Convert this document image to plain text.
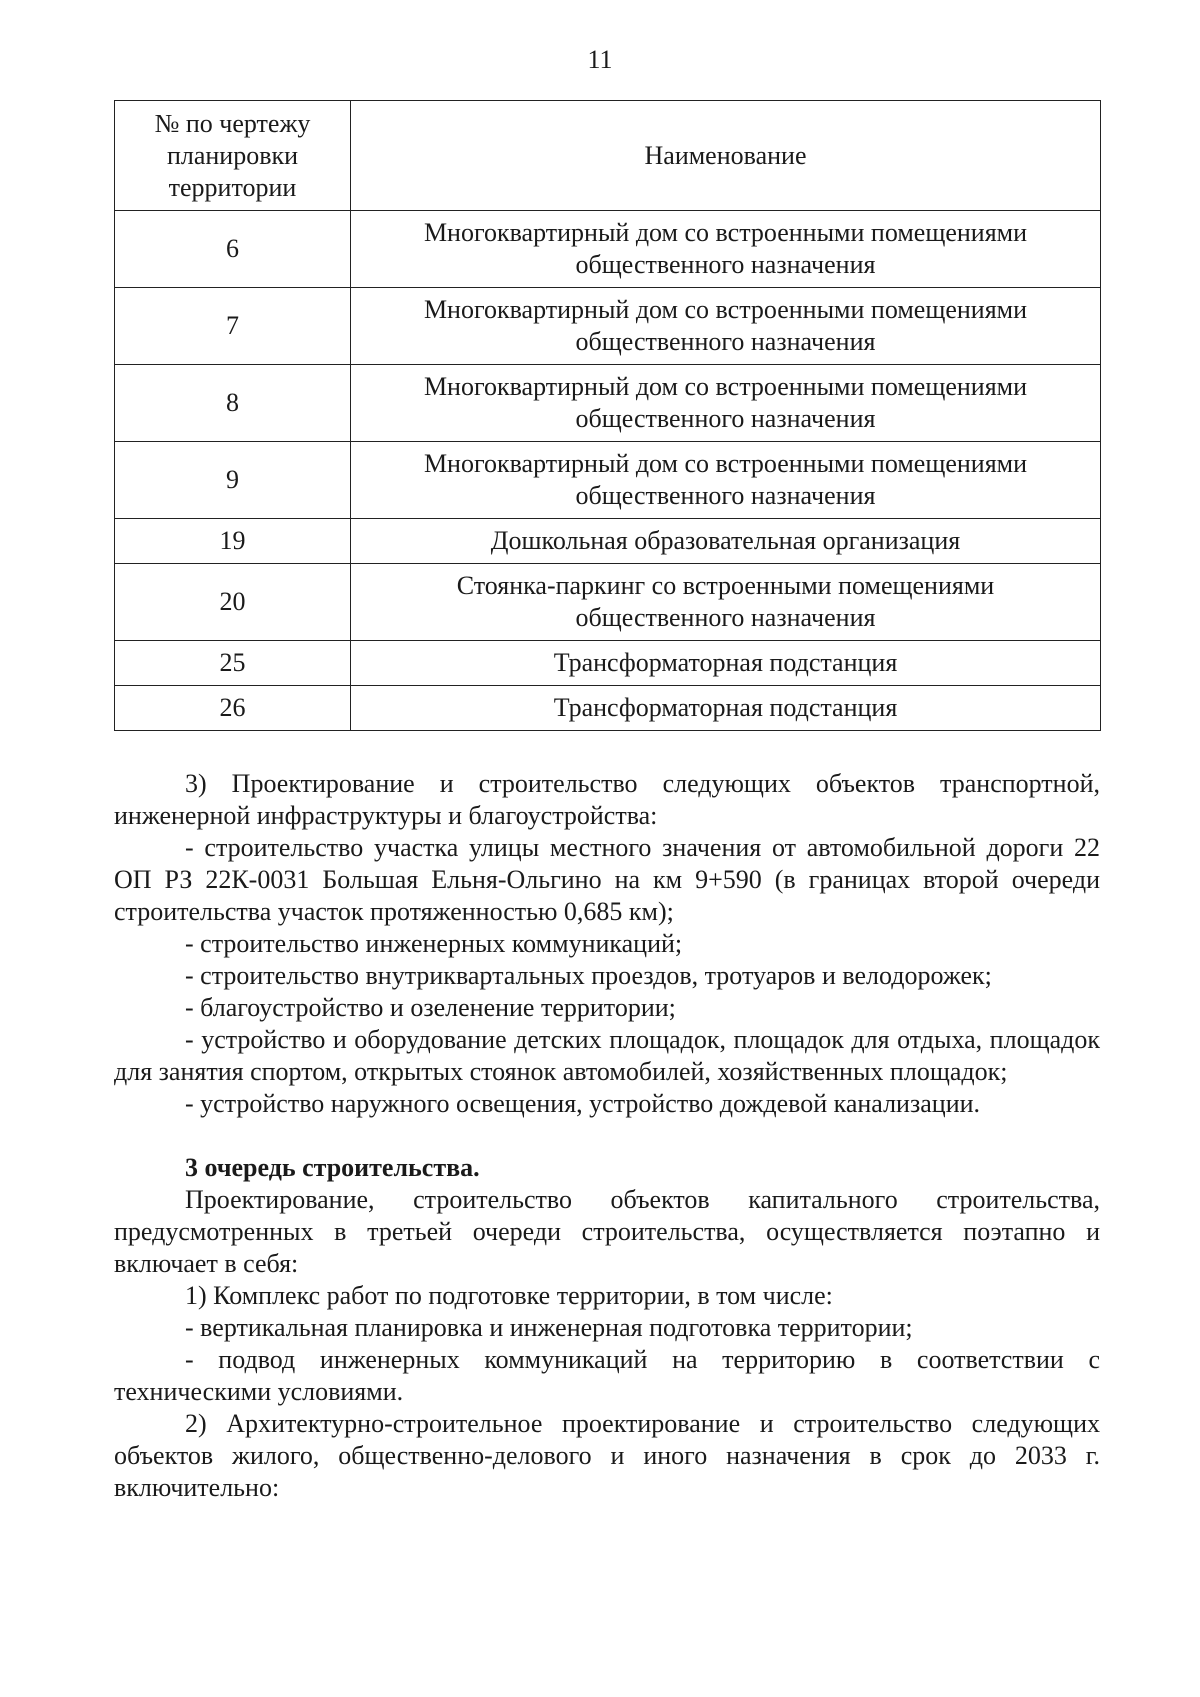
11
№ по чертежу планировки территории	Наименование
6	Многоквартирный дом со встроенными помещениями общественного назначения
7	Многоквартирный дом со встроенными помещениями общественного назначения
8	Многоквартирный дом со встроенными помещениями общественного назначения
9	Многоквартирный дом со встроенными помещениями общественного назначения
19	Дошкольная образовательная организация
20	Стоянка-паркинг со встроенными помещениями общественного назначения
25	Трансформаторная подстанция
26	Трансформаторная подстанция

3) Проектирование и строительство следующих объектов транспортной, инженерной инфраструктуры и благоустройства:

- строительство участка улицы местного значения от автомобильной дороги 22 ОП РЗ 22К-0031 Большая Ельня-Ольгино на км 9+590 (в границах второй очереди строительства участок протяженностью 0,685 км);

- строительство инженерных коммуникаций;

- строительство внутриквартальных проездов, тротуаров и велодорожек;

- благоустройство и озеленение территории;

- устройство и оборудование детских площадок, площадок для отдыха, площадок для занятия спортом, открытых стоянок автомобилей, хозяйственных площадок;

- устройство наружного освещения, устройство дождевой канализации.

3 очередь строительства.

Проектирование, строительство объектов капитального строительства, предусмотренных в третьей очереди строительства, осуществляется поэтапно и включает в себя:

1) Комплекс работ по подготовке территории, в том числе:

- вертикальная планировка и инженерная подготовка территории;

- подвод инженерных коммуникаций на территорию в соответствии с техническими условиями.

2) Архитектурно-строительное проектирование и строительство следующих объектов жилого, общественно-делового и иного назначения в срок до 2033 г. включительно:
